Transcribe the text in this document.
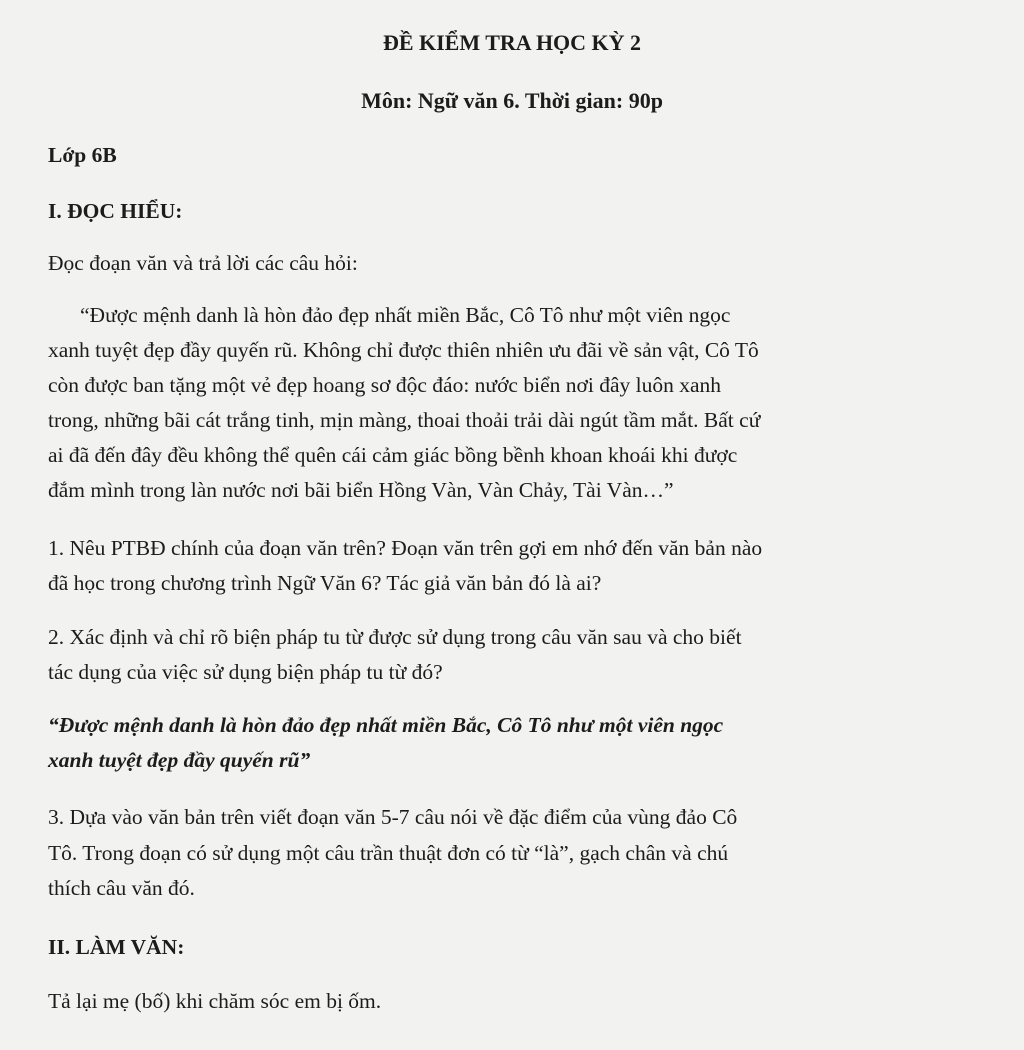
ĐỀ KIỂM TRA HỌC KỲ 2
Môn: Ngữ văn 6. Thời gian: 90p
Lớp 6B
I. ĐỌC HIỂU:
Đọc đoạn văn và trả lời các câu hỏi:
“Được mệnh danh là hòn đảo đẹp nhất miền Bắc, Cô Tô như một viên ngọc
xanh tuyệt đẹp đầy quyến rũ. Không chỉ được thiên nhiên ưu đãi về sản vật, Cô Tô
còn được ban tặng một vẻ đẹp hoang sơ độc đáo: nước biển nơi đây luôn xanh
trong, những bãi cát trắng tinh, mịn màng, thoai thoải trải dài ngút tầm mắt. Bất cứ
ai đã đến đây đều không thể quên cái cảm giác bồng bềnh khoan khoái khi được
đắm mình trong làn nước nơi bãi biển Hồng Vàn, Vàn Chảy, Tài Vàn…”
1. Nêu PTBĐ chính của đoạn văn trên? Đoạn văn trên gợi em nhớ đến văn bản nào
đã học trong chương trình Ngữ Văn 6? Tác giả văn bản đó là ai?
2. Xác định và chỉ rõ biện pháp tu từ được sử dụng trong câu văn sau và cho biết
tác dụng của việc sử dụng biện pháp tu từ đó?
“Được mệnh danh là hòn đảo đẹp nhất miền Bắc, Cô Tô như một viên ngọc
xanh tuyệt đẹp đầy quyến rũ”
3. Dựa vào văn bản trên viết đoạn văn 5-7 câu nói về đặc điểm của vùng đảo Cô
Tô. Trong đoạn có sử dụng một câu trần thuật đơn có từ “là”, gạch chân và chú
thích câu văn đó.
II. LÀM VĂN:
Tả lại mẹ (bố) khi chăm sóc em bị ốm.
